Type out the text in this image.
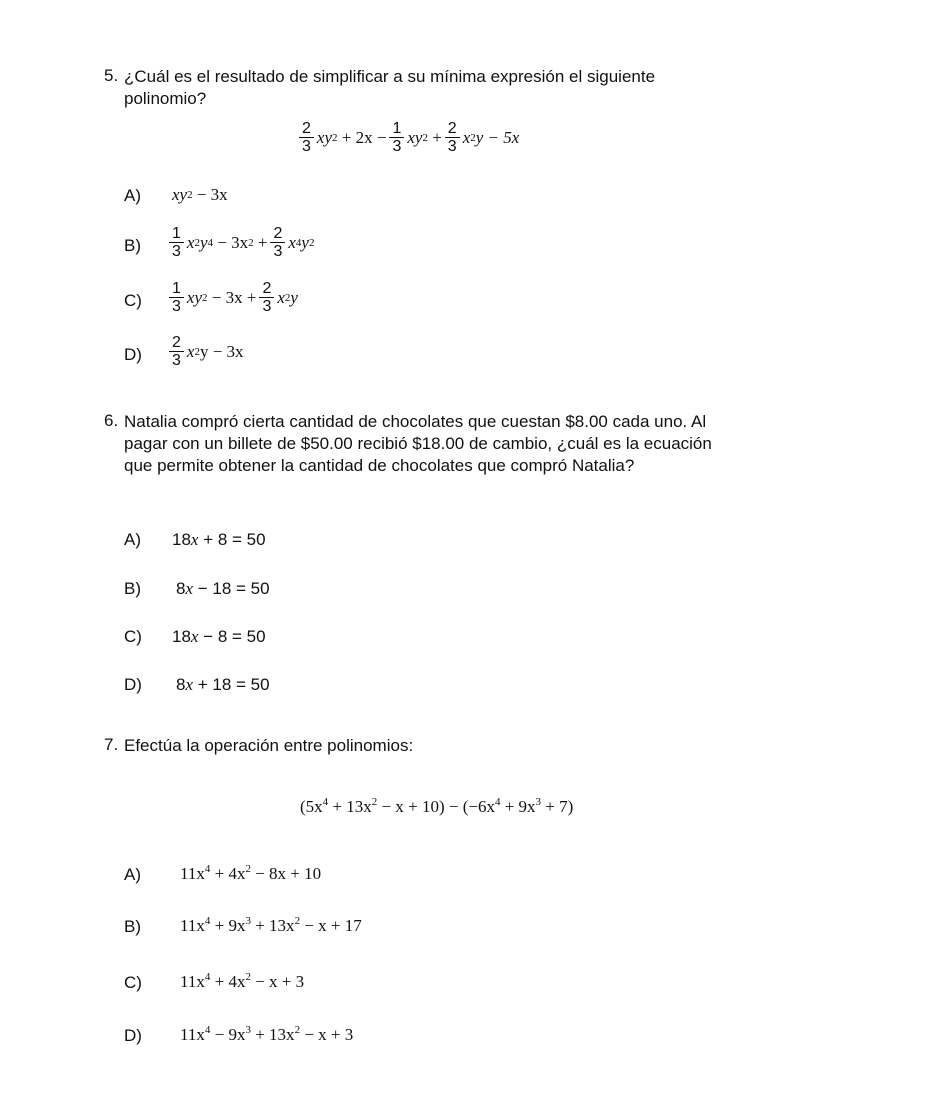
5. ¿Cuál es el resultado de simplificar a su mínima expresión el siguiente
polinomio?
$\frac{2}{3}$ xy 2
+ $2x - \frac{1}{3}$ xy 2
+ $\frac{2}{3}$ x 2 y − 5x
A) xy 2
− 3x
$B) \frac{1}{3}$ x 2 y 4
− 3x 2
+ $\frac{2}{3}$ x 4 y 2
$C) \frac{1}{3}$ xy 2
− $3x + \frac{2}{3}$ x 2 y
$D) \frac{2}{3}$ x 2 y − 3x
6. Natalia compró cierta cantidad de chocolates que cuestan $8.00 cada uno. Al
pagar con un billete de $50.00 recibió $18.00 de cambio, ¿cuál es la ecuación
que permite obtener la cantidad de chocolates que compró Natalia?
A) 18x + 8 = 50
B) 8x − 18 = 50
C) 18x − 8 = 50
D) 8x + 18 = 50
7. Efectúa la operación entre polinomios:
$(5x^4 + 13x^2 - x + 10) - (-6x^4 + 9x^3 + 7)$
A) $11x^4 + 4x^2 - 8x + 10$
B) $11x^4 + 9x^3 + 13x^2 - x + 17$
C) $11x^4 + 4x^2 - x + 3$
D) $11x^4 - 9x^3 + 13x^2 - x + 3$
